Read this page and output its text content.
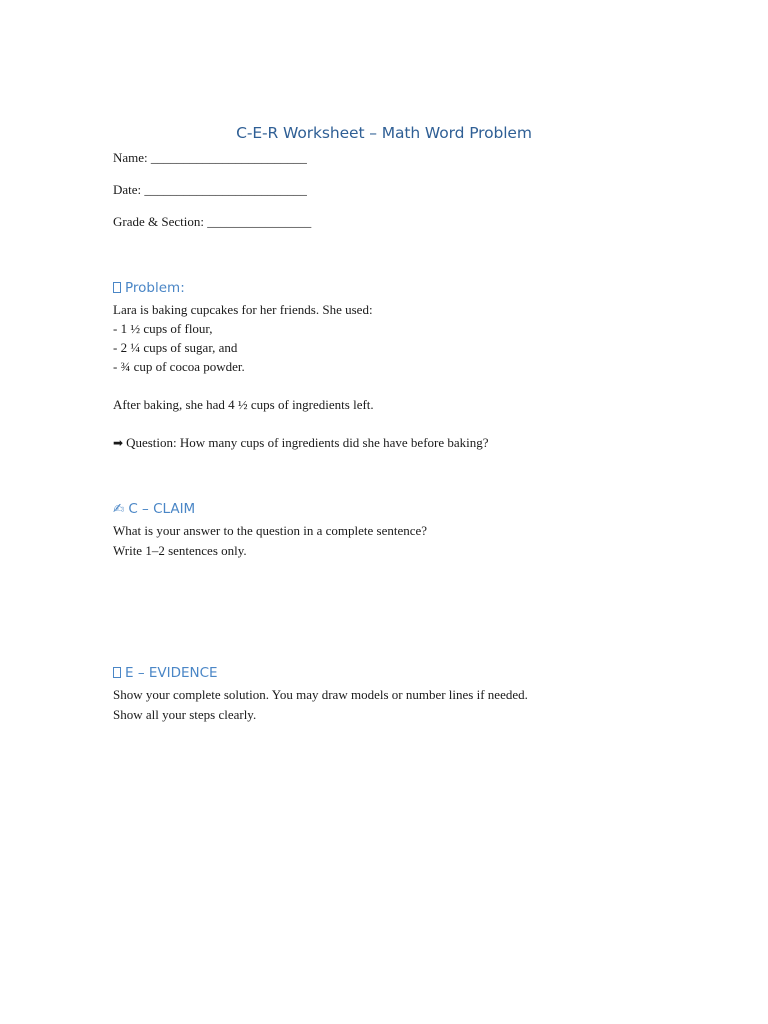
C-E-R Worksheet – Math Word Problem
Name: ________________________
Date: _________________________
Grade & Section: ________________
Problem:
Lara is baking cupcakes for her friends. She used:
- 1 ½ cups of flour,
- 2 ¼ cups of sugar, and
- ¾ cup of cocoa powder.
After baking, she had 4 ½ cups of ingredients left.
➡ Question: How many cups of ingredients did she have before baking?
✍ C – CLAIM
What is your answer to the question in a complete sentence?
Write 1–2 sentences only.
E – EVIDENCE
Show your complete solution. You may draw models or number lines if needed.
Show all your steps clearly.
